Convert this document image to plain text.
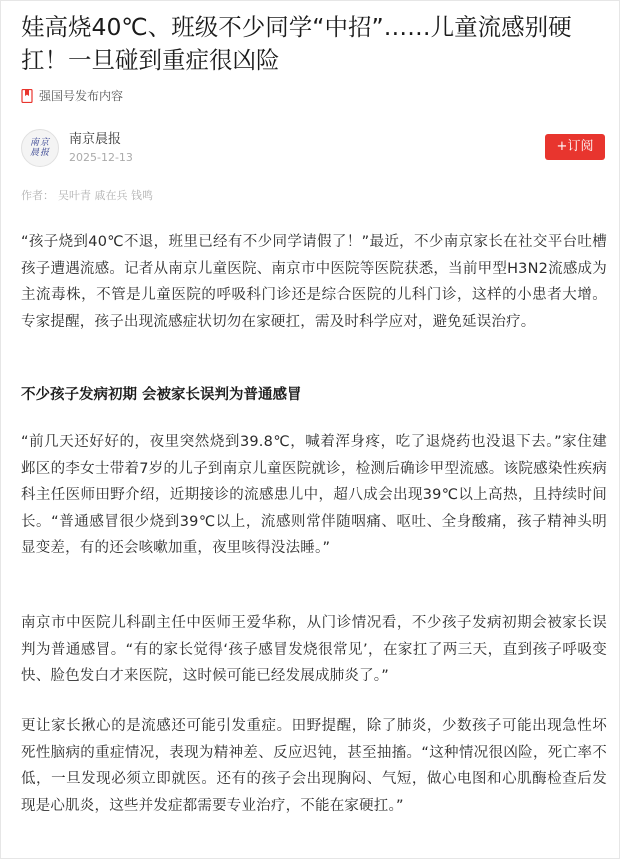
娃高烧40℃、班级不少同学“中招”……儿童流感别硬扛！一旦碰到重症很凶险
强国号发布内容
南京晨报
南京晨报
2025-12-13
+订阅
作者： 吴叶青 戚在兵 钱鸣

“孩子烧到40℃不退，班里已经有不少同学请假了！”最近，不少南京家长在社交平台吐槽孩子遭遇流感。记者从南京儿童医院、南京市中医院等医院获悉，当前甲型H3N2流感成为主流毒株，不管是儿童医院的呼吸科门诊还是综合医院的儿科门诊，这样的小患者大增。专家提醒，孩子出现流感症状切勿在家硬扛，需及时科学应对，避免延误治疗。

不少孩子发病初期 会被家长误判为普通感冒

“前几天还好好的，夜里突然烧到39.8℃，喊着浑身疼，吃了退烧药也没退下去。”家住建邺区的李女士带着7岁的儿子到南京儿童医院就诊，检测后确诊甲型流感。该院感染性疾病科主任医师田野介绍，近期接诊的流感患儿中，超八成会出现39℃以上高热，且持续时间长。“普通感冒很少烧到39℃以上，流感则常伴随咽痛、呕吐、全身酸痛，孩子精神头明显变差，有的还会咳嗽加重，夜里咳得没法睡。”

南京市中医院儿科副主任中医师王爱华称，从门诊情况看，不少孩子发病初期会被家长误判为普通感冒。“有的家长觉得‘孩子感冒发烧很常见’，在家扛了两三天，直到孩子呼吸变快、脸色发白才来医院，这时候可能已经发展成肺炎了。”

更让家长揪心的是流感还可能引发重症。田野提醒，除了肺炎，少数孩子可能出现急性坏死性脑病的重症情况，表现为精神差、反应迟钝，甚至抽搐。“这种情况很凶险，死亡率不低，一旦发现必须立即就医。还有的孩子会出现胸闷、气短，做心电图和心肌酶检查后发现是心肌炎，这些并发症都需要专业治疗，不能在家硬扛。”
